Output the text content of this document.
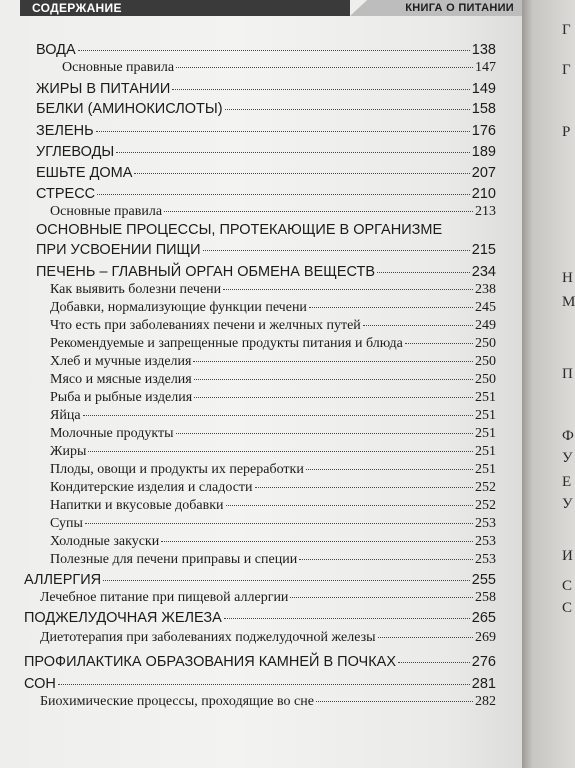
СОДЕРЖАНИЕ	КНИГА О ПИТАНИИ
ВОДА	138
Основные правила	147
ЖИРЫ В ПИТАНИИ	149
БЕЛКИ (АМИНОКИСЛОТЫ)	158
ЗЕЛЕНЬ	176
УГЛЕВОДЫ	189
ЕШЬТЕ ДОМА	207
СТРЕСС	210
Основные правила	213
ОСНОВНЫЕ ПРОЦЕССЫ, ПРОТЕКАЮЩИЕ В ОРГАНИЗМЕ
ПРИ УСВОЕНИИ ПИЩИ	215
ПЕЧЕНЬ – ГЛАВНЫЙ ОРГАН ОБМЕНА ВЕЩЕСТВ	234
Как выявить болезни печени	238
Добавки, нормализующие функции печени	245
Что есть при заболеваниях печени и желчных путей	249
Рекомендуемые и запрещенные продукты питания и блюда	250
Хлеб и мучные изделия	250
Мясо и мясные изделия	250
Рыба и рыбные изделия	251
Яйца	251
Молочные продукты	251
Жиры	251
Плоды, овощи и продукты их переработки	251
Кондитерские изделия и сладости	252
Напитки и вкусовые добавки	252
Супы	253
Холодные закуски	253
Полезные для печени приправы и специи	253
АЛЛЕРГИЯ	255
Лечебное питание при пищевой аллергии	258
ПОДЖЕЛУДОЧНАЯ ЖЕЛЕЗА	265
Диетотерапия при заболеваниях поджелудочной железы	269
ПРОФИЛАКТИКА ОБРАЗОВАНИЯ КАМНЕЙ В ПОЧКАХ	276
СОН	281
Биохимические процессы, проходящие во сне	282
Г
Г
Р
Н
М
П
Ф
У
Е
У
И
С
С
